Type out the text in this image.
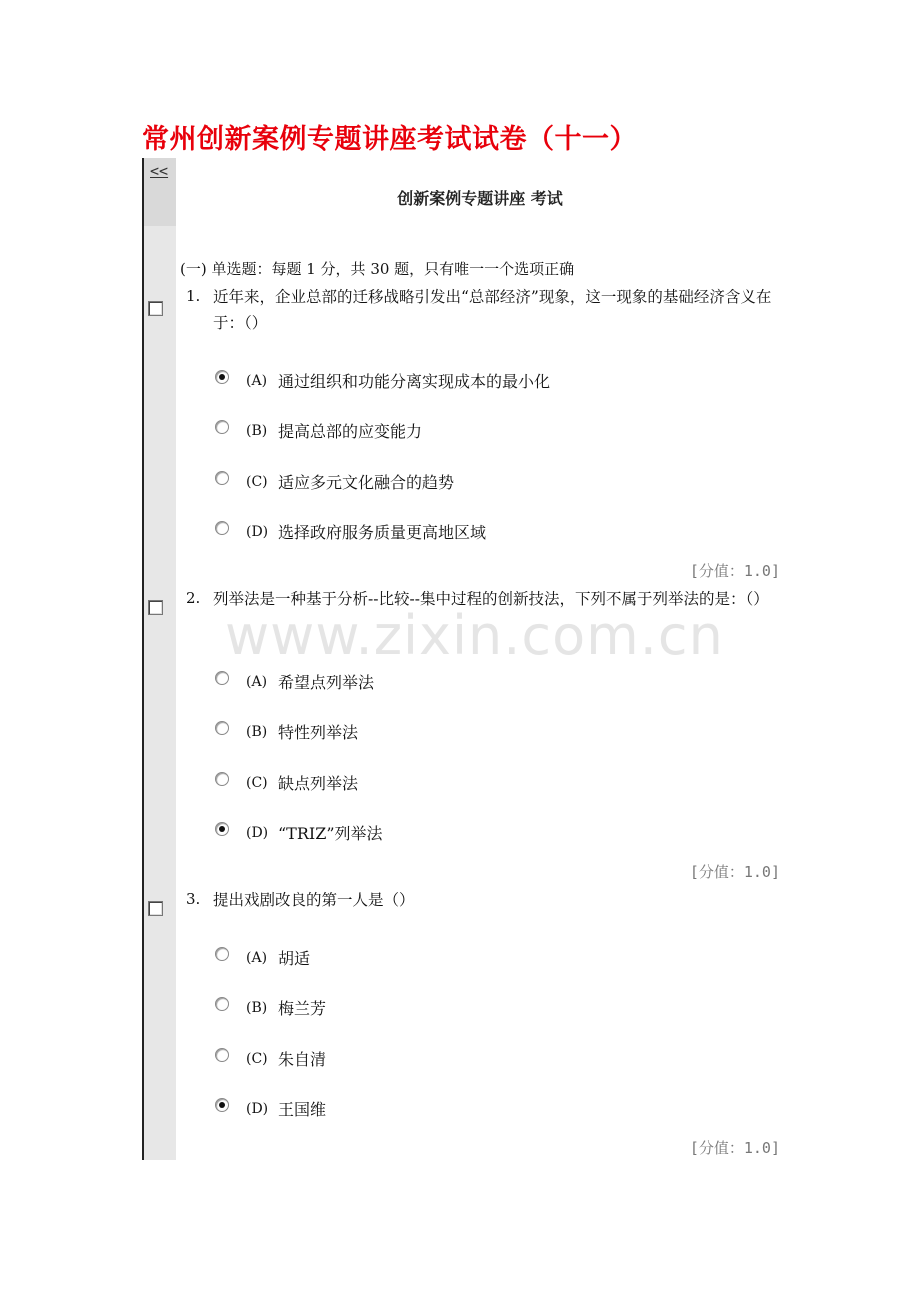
常州创新案例专题讲座考试试卷（十一）
<<
创新案例专题讲座 考试
(一) 单选题：每题 1 分，共 30 题，只有唯一一个选项正确
1. 近年来，企业总部的迁移战略引发出“总部经济”现象，这一现象的基础经济含义在于：（）
(A) 通过组织和功能分离实现成本的最小化
(B) 提高总部的应变能力
(C) 适应多元文化融合的趋势
(D) 选择政府服务质量更高地区域
[分值：1.0]
2. 列举法是一种基于分析--比较--集中过程的创新技法，下列不属于列举法的是：（）
(A) 希望点列举法
(B) 特性列举法
(C) 缺点列举法
(D) “TRIZ”列举法
[分值：1.0]
3. 提出戏剧改良的第一人是（）
(A) 胡适
(B) 梅兰芳
(C) 朱自清
(D) 王国维
[分值：1.0]
www.zixin.com.cn
